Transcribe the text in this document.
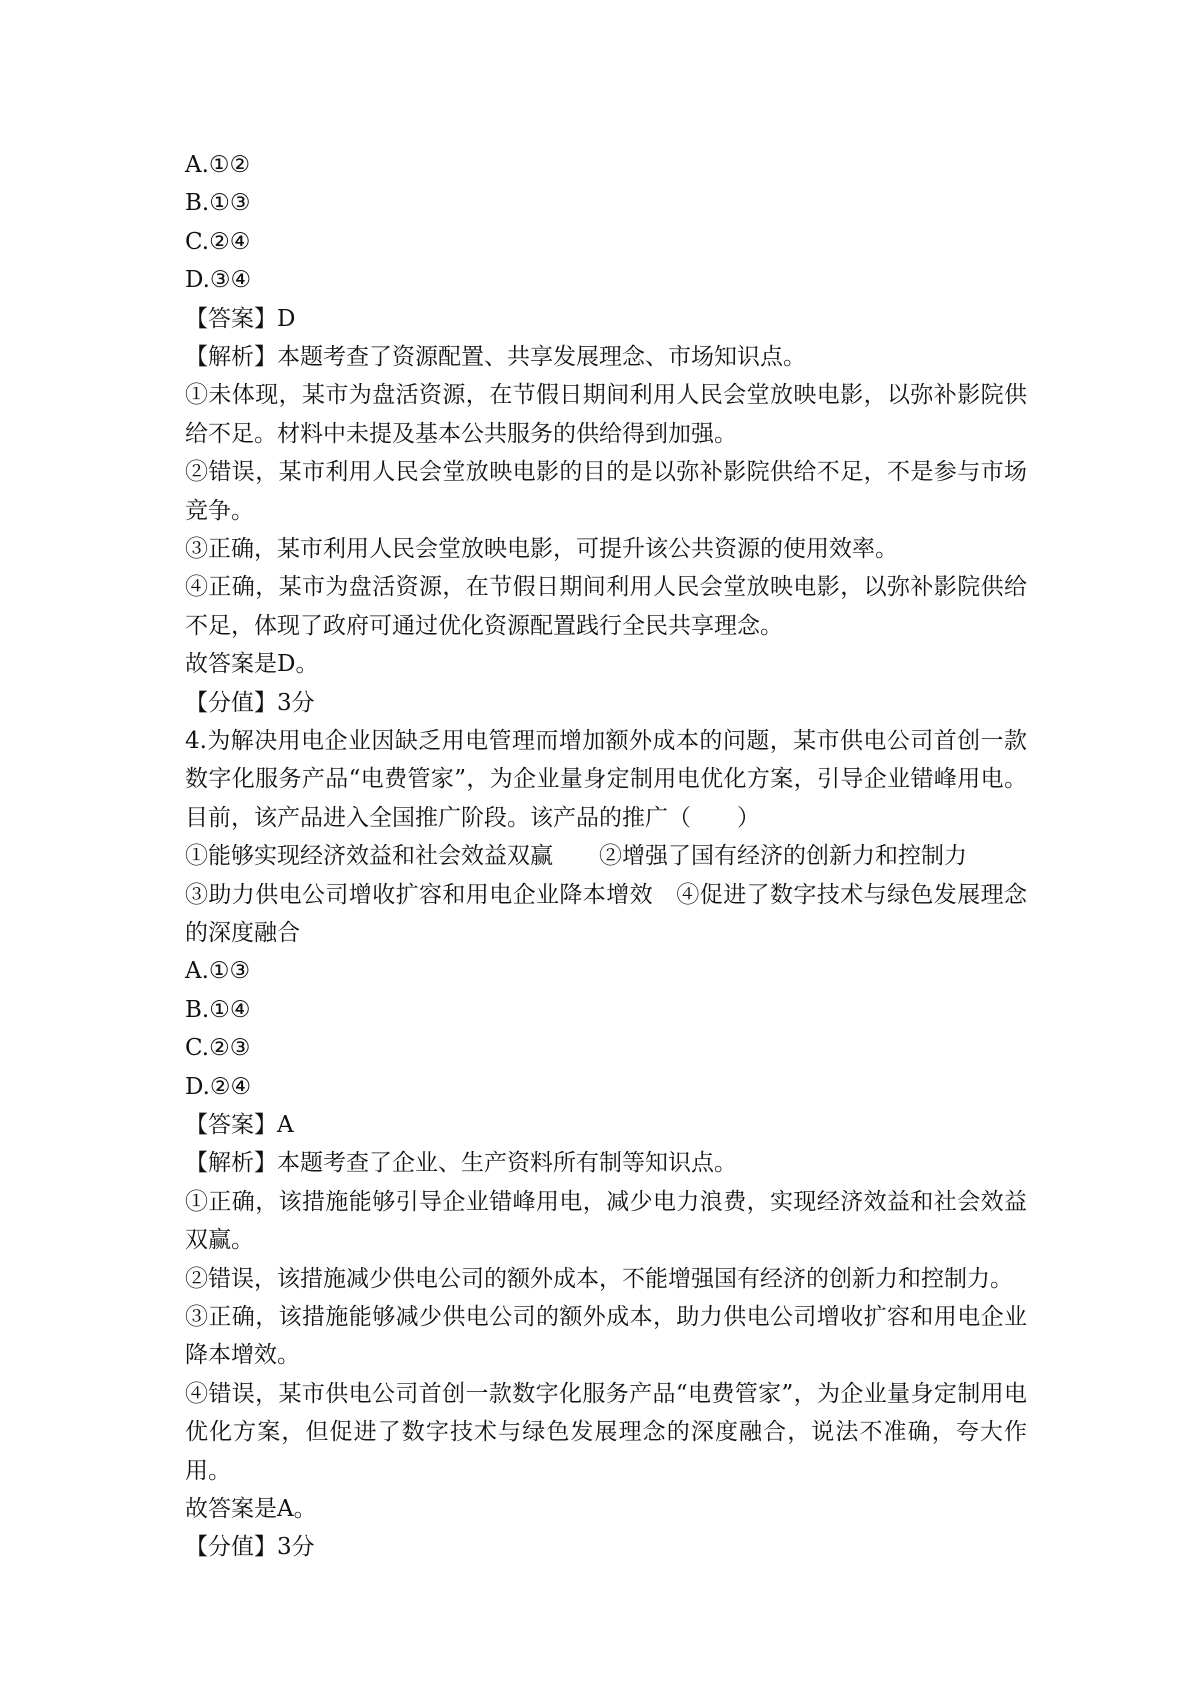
A.①②
B.①③
C.②④
D.③④
【答案】D
【解析】本题考查了资源配置、共享发展理念、市场知识点。
①未体现，某市为盘活资源，在节假日期间利用人民会堂放映电影，以弥补影院供给不足。材料中未提及基本公共服务的供给得到加强。
②错误，某市利用人民会堂放映电影的目的是以弥补影院供给不足，不是参与市场竞争。
③正确，某市利用人民会堂放映电影，可提升该公共资源的使用效率。
④正确，某市为盘活资源，在节假日期间利用人民会堂放映电影，以弥补影院供给不足，体现了政府可通过优化资源配置践行全民共享理念。
故答案是D。
【分值】3分
4.为解决用电企业因缺乏用电管理而增加额外成本的问题，某市供电公司首创一款数字化服务产品“电费管家”，为企业量身定制用电优化方案，引导企业错峰用电。目前，该产品进入全国推广阶段。该产品的推广（　　）
①能够实现经济效益和社会效益双赢　　②增强了国有经济的创新力和控制力
③助力供电公司增收扩容和用电企业降本增效　④促进了数字技术与绿色发展理念的深度融合
A.①③
B.①④
C.②③
D.②④
【答案】A
【解析】本题考查了企业、生产资料所有制等知识点。
①正确，该措施能够引导企业错峰用电，减少电力浪费，实现经济效益和社会效益双赢。
②错误，该措施减少供电公司的额外成本，不能增强国有经济的创新力和控制力。
③正确，该措施能够减少供电公司的额外成本，助力供电公司增收扩容和用电企业降本增效。
④错误，某市供电公司首创一款数字化服务产品“电费管家”，为企业量身定制用电优化方案，但促进了数字技术与绿色发展理念的深度融合，说法不准确，夸大作用。
故答案是A。
【分值】3分
